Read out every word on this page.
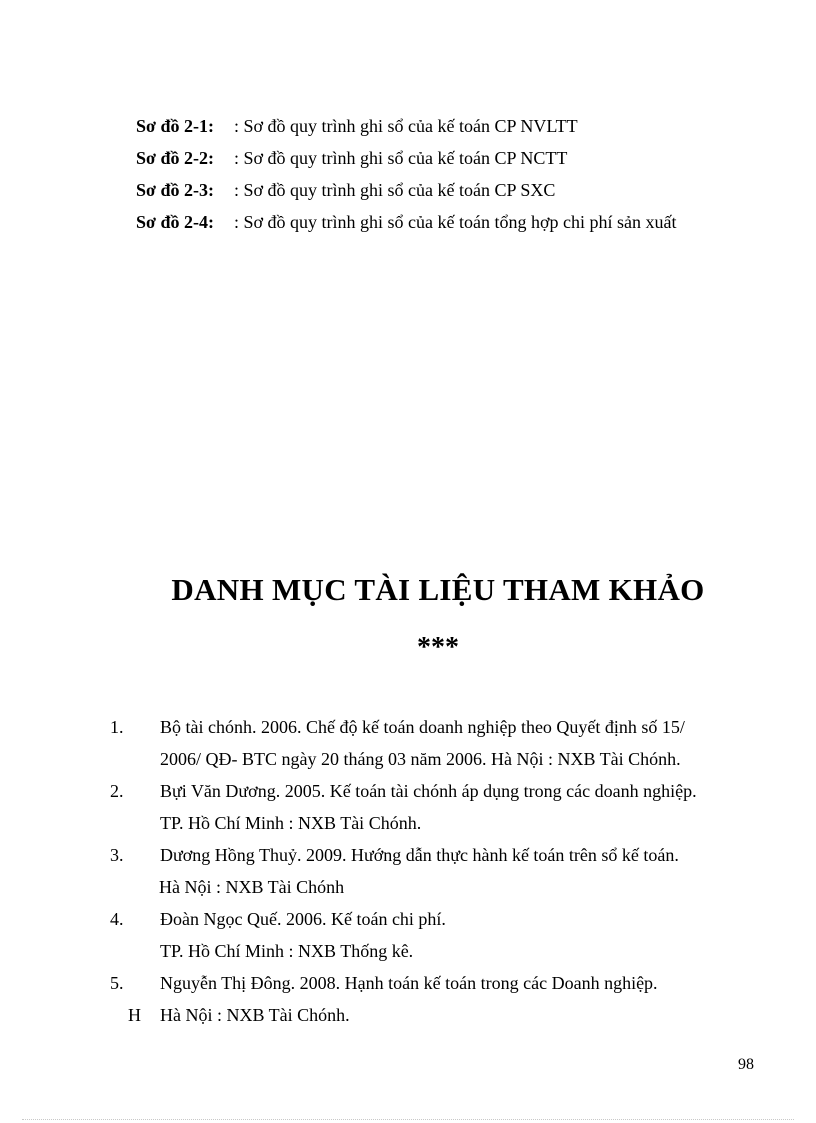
Sơ đồ 2-1: : Sơ đồ quy trình ghi sổ của kế toán CP NVLTT
Sơ đồ 2-2: : Sơ đồ quy trình ghi sổ của kế toán CP NCTT
Sơ đồ 2-3: : Sơ đồ quy trình ghi sổ của kế toán CP SXC
Sơ đồ 2-4: : Sơ đồ quy trình ghi sổ của kế toán tổng hợp chi phí sản xuất
DANH MỤC TÀI LIỆU THAM KHẢO
***
1. Bộ tài chónh. 2006. Chế độ kế toán doanh nghiệp theo Quyết định số 15/
2006/ QĐ- BTC ngày 20 tháng 03 năm 2006. Hà Nội : NXB Tài Chónh.
2. Bựi Văn Dương. 2005. Kế toán tài chónh áp dụng trong các doanh nghiệp.
TP. Hồ Chí Minh : NXB Tài Chónh.
3. Dương Hồng Thuỷ. 2009. Hướng dẫn thực hành kế toán trên sổ kế toán.
Hà Nội : NXB Tài Chónh
4. Đoàn Ngọc Quế. 2006. Kế toán chi phí.
TP. Hồ Chí Minh : NXB Thống kê.
5. Nguyễn Thị Đông. 2008. Hạnh toán kế toán trong các Doanh nghiệp.
H Hà Nội : NXB Tài Chónh.
98
